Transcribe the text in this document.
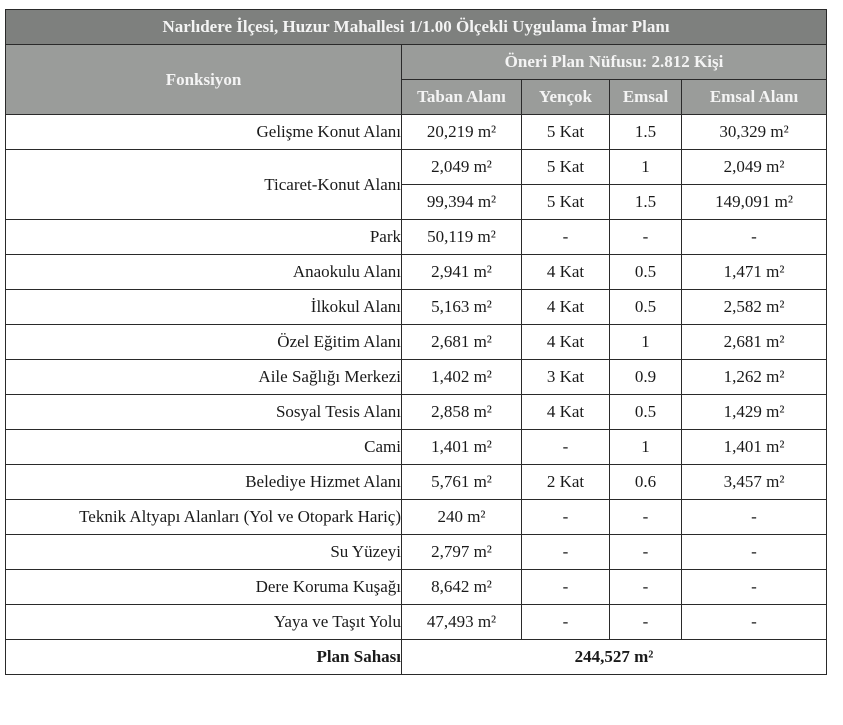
Narlıdere İlçesi, Huzur Mahallesi 1/1.00 Ölçekli Uygulama İmar Planı				
Fonksiyon	Öneri Plan Nüfusu: 2.812 Kişi			
	Taban Alanı	Yençok	Emsal	Emsal Alanı
Gelişme Konut Alanı	20,219 m²	5 Kat	1.5	30,329 m²
Ticaret-Konut Alanı	2,049 m²	5 Kat	1	2,049 m²
	99,394 m²	5 Kat	1.5	149,091 m²
Park	50,119 m²	-	-	-
Anaokulu Alanı	2,941 m²	4 Kat	0.5	1,471 m²
İlkokul Alanı	5,163 m²	4 Kat	0.5	2,582 m²
Özel Eğitim Alanı	2,681 m²	4 Kat	1	2,681 m²
Aile Sağlığı Merkezi	1,402 m²	3 Kat	0.9	1,262 m²
Sosyal Tesis Alanı	2,858 m²	4 Kat	0.5	1,429 m²
Cami	1,401 m²	-	1	1,401 m²
Belediye Hizmet Alanı	5,761 m²	2 Kat	0.6	3,457 m²
Teknik Altyapı Alanları (Yol ve Otopark Hariç)	240 m²	-	-	-
Su Yüzeyi	2,797 m²	-	-	-
Dere Koruma Kuşağı	8,642 m²	-	-	-
Yaya ve Taşıt Yolu	47,493 m²	-	-	-
Plan Sahası	244,527 m²			
